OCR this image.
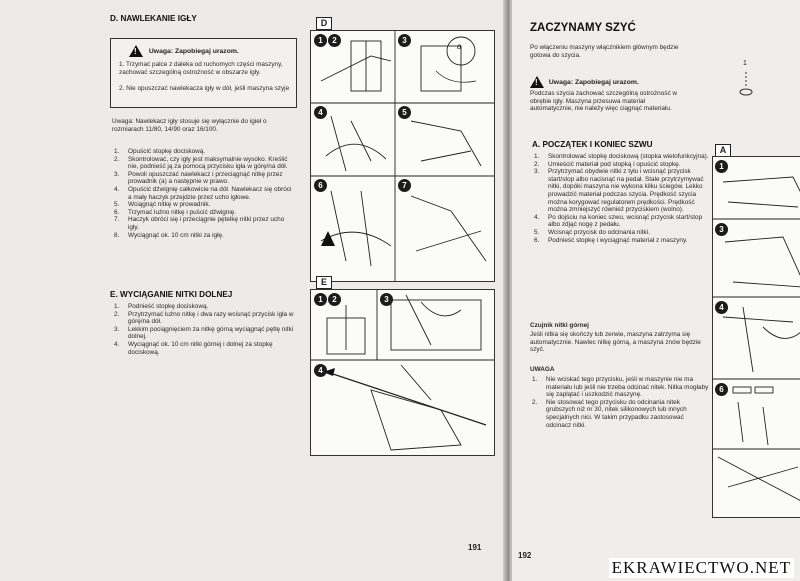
D. NAWLEKANIE IGŁY
! Uwaga: Zapobiegaj urazom.
1. Trzymać palce z daleka od ruchomych części maszyny, zachować szczególną ostrożność w obszarze igły.
2. Nie opuszczać nawlekacza igły w dół, jeśli maszyna szyje
Uwaga: Nawlekacz igły stosuje się wyłącznie do igieł o rozmiarach 11/80, 14/90 oraz 16/100.
1. Opuścić stopkę dociskową.
2. Skontrolować, czy igły jest maksymalnie wysoko. Kreślić nie, podnieść ją za pomocą przycisku igła w górę/na dół.
3. Powoli opuszczać nawlekacz i przeciągnąć nitkę przez prowadnik (a) a następnie w prawo.
4. Opuścić dźwignię całkowicie na dół. Nawlekacz się obróci a mały haczyk przejdzie przez ucho igłowe.
5. Wciągnąć nitkę w prowadnik.
6. Trzymać luźno nitkę i puścić dźwignię.
7. Haczyk obróci się i przeciągnie pętelkę nitki przez ucho igły.
8. Wyciągnąć ok. 10 cm nitki za igłę.
E. WYCIĄGANIE NITKI DOLNEJ
1. Podnieść stopkę dociskową.
2. Przytrzymać luźno nitkę i dwa razy wcisnąć przycisk igła w górę/na dół.
3. Lekkim pociągnięciem za nitkę górną wyciągnąć pętlę nitki dolnej.
4. Wyciągnąć ok. 10 cm nitki górnej i dolnej za stopkę dociskową.
D
1	2	3
4	5
6	7
a
E
1	2	3
4
191
ZACZYNAMY SZYĆ
Po włączeniu maszyny włącznikiem głównym będzie gotowa do szycia.
! Uwaga: Zapobiegaj urazom.
Podczas szycia zachować szczególną ostrożność w obrębie igły. Maszyna przesuwa materiał automatycznie, nie należy więc ciągnąć materiału.
1
A. POCZĄTEK I KONIEC SZWU
1. Skontrolować stopkę dociskową (stopka wielofunkcyjna).
2. Umieścić materiał pod stopką i opuścić stopkę.
3. Przytrzymać obydwie nitki z tyłu i wcisnąć przycisk start/stop albo nacisnąć na pedał. Stale przytrzymywać nitki, dopóki maszyna nie wykona kilku ściegów. Lekko prowadzić materiał podczas szycia. Prędkość szycia można korygować regulatorem prędkości. Prędkość można zmniejszyć również przyciskiem (wolno).
4. Po dojściu na koniec szwu, wcisnąć przycisk start/stop albo zdjąć nogę z pedału.
5. Wcisnąć przycisk do odcinania nitki.
6. Podnieść stopkę i wyciągnąć materiał z maszyny.
Czujnik nitki górnej
Jeśli nitka się skończy lub zerwie, maszyna zatrzyma się automatycznie. Nawlec nitkę górną, a maszyna znów będzie szyć.
UWAGA
1. Nie wciskać tego przycisku, jeśli w maszynie nie ma materiału lub jeśli nie trzeba odcinać nitek. Nitka mogłaby się zaplątać i uszkodzić maszynę.
2. Nie stosować tego przycisku do odcinania nitek grubszych niż nr 30, nitek silikonowych lub innych specjalnych nici. W takim przypadku zastosować odcinacz nitki.
A
1
3
4
6
192
EKRAWIECTWO.NET
